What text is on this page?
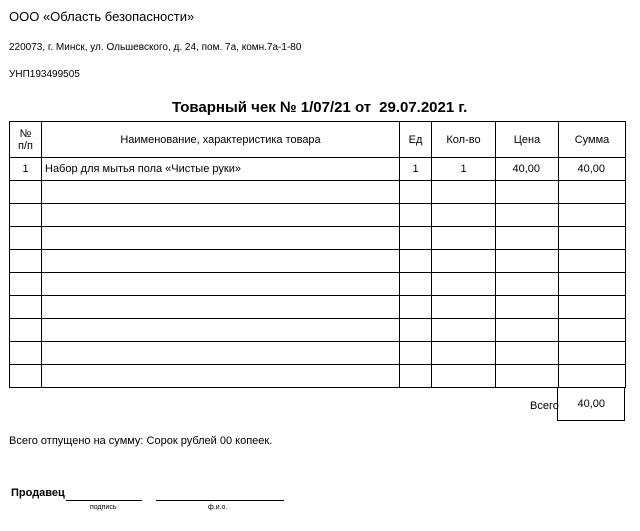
ООО «Область безопасности»
220073, г. Минск, ул. Ольшевского, д. 24, пом. 7а, комн.7а-1-80
УНП193499505
Товарный чек № 1/07/21 от 29.07.2021 г.
№
п/п	Наименование, характеристика товара	Ед	Кол-во	Цена	Сумма
1	Набор для мытья пола «Чистые руки»	1	1	40,00	40,00

Всего	40,00
Всего отпущено на сумму: Сорок рублей 00 копеек.
Продавец
подпись	ф.и.о.
